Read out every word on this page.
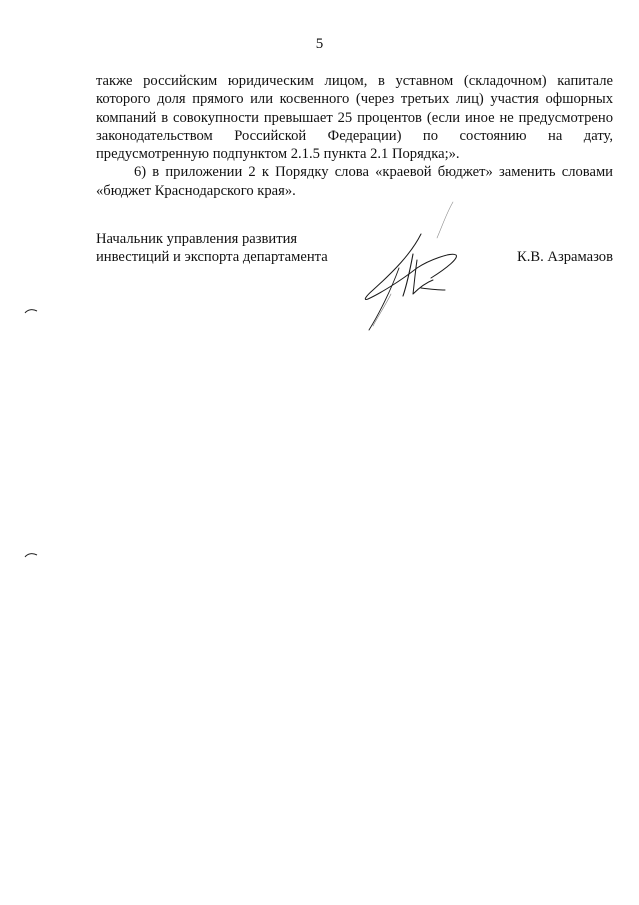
5

также российским юридическим лицом, в уставном (складочном) капитале которого доля прямого или косвенного (через третьих лиц) участия офшорных компаний в совокупности превышает 25 процентов (если иное не предусмотрено законодательством Российской Федерации) по состоянию на дату, предусмотренную подпунктом 2.1.5 пункта 2.1 Порядка;».

6) в приложении 2 к Порядку слова «краевой бюджет» заменить словами «бюджет Краснодарского края».

Начальник управления развития
инвестиций и экспорта департамента	К.В. Азрамазов
